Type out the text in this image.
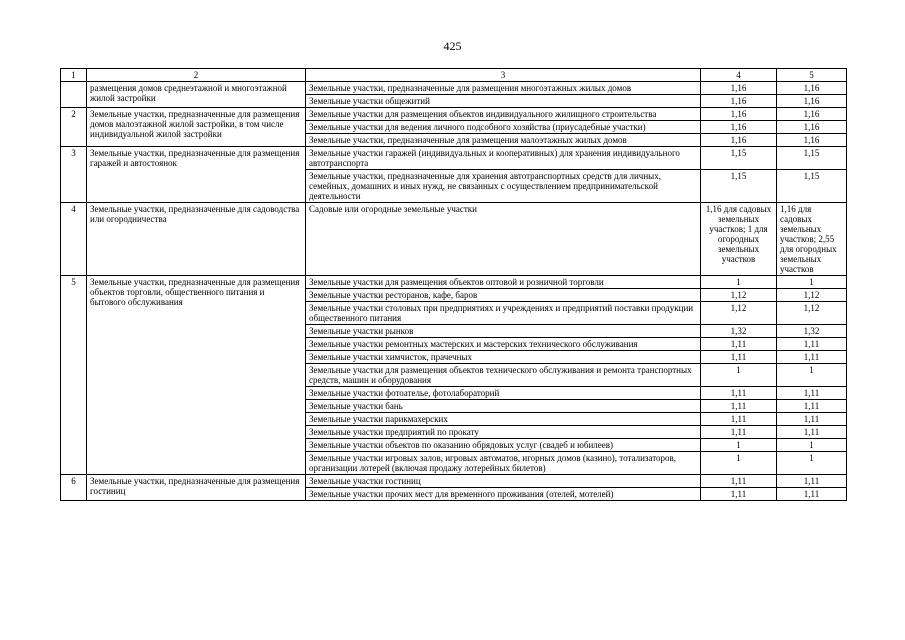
425
1	2	3	4	5
	размещения домов среднеэтажной и многоэтажной жилой застройки	Земельные участки, предназначенные для размещения многоэтажных жилых домов	1,16	1,16
		Земельные участки общежитий	1,16	1,16
2	Земельные участки, предназначенные для размещения домов малоэтажной жилой застройки, в том числе индивидуальной жилой застройки	Земельные участки для размещения объектов индивидуального жилищного строительства	1,16	1,16
		Земельные участки для ведения личного подсобного хозяйства (приусадебные участки)	1,16	1,16
		Земельные участки, предназначенные для размещения малоэтажных жилых домов	1,16	1,16
3	Земельные участки, предназначенные для размещения гаражей и автостоянок	Земельные участки гаражей (индивидуальных и кооперативных) для хранения индивидуального автотранспорта	1,15	1,15
		Земельные участки, предназначенные для хранения автотранспортных средств для личных, семейных, домашних и иных нужд, не связанных с осуществлением предпринимательской деятельности	1,15	1,15
4	Земельные участки, предназначенные для садоводства или огородничества	Садовые или огородные земельные участки	1,16 для садовых земельных участков; 1 для огородных земельных участков	1,16 для садовых земельных участков; 2,55 для огородных земельных участков
5	Земельные участки, предназначенные для размещения объектов торговли, общественного питания и бытового обслуживания	Земельные участки для размещения объектов оптовой и розничной торговли	1	1
		Земельные участки ресторанов, кафе, баров	1,12	1,12
		Земельные участки столовых при предприятиях и учреждениях и предприятий поставки продукции общественного питания	1,12	1,12
		Земельные участки рынков	1,32	1,32
		Земельные участки ремонтных мастерских и мастерских технического обслуживания	1,11	1,11
		Земельные участки химчисток, прачечных	1,11	1,11
		Земельные участки для размещения объектов технического обслуживания и ремонта транспортных средств, машин и оборудования	1	1
		Земельные участки фотоателье, фотолабораторий	1,11	1,11
		Земельные участки бань	1,11	1,11
		Земельные участки парикмахерских	1,11	1,11
		Земельные участки предприятий по прокату	1,11	1,11
		Земельные участки объектов по оказанию обрядовых услуг (свадеб и юбилеев)	1	1
		Земельные участки игровых залов, игровых автоматов, игорных домов (казино), тотализаторов, организации лотерей (включая продажу лотерейных билетов)	1	1
6	Земельные участки, предназначенные для размещения гостиниц	Земельные участки гостиниц	1,11	1,11
		Земельные участки прочих мест для временного проживания (отелей, мотелей)	1,11	1,11
